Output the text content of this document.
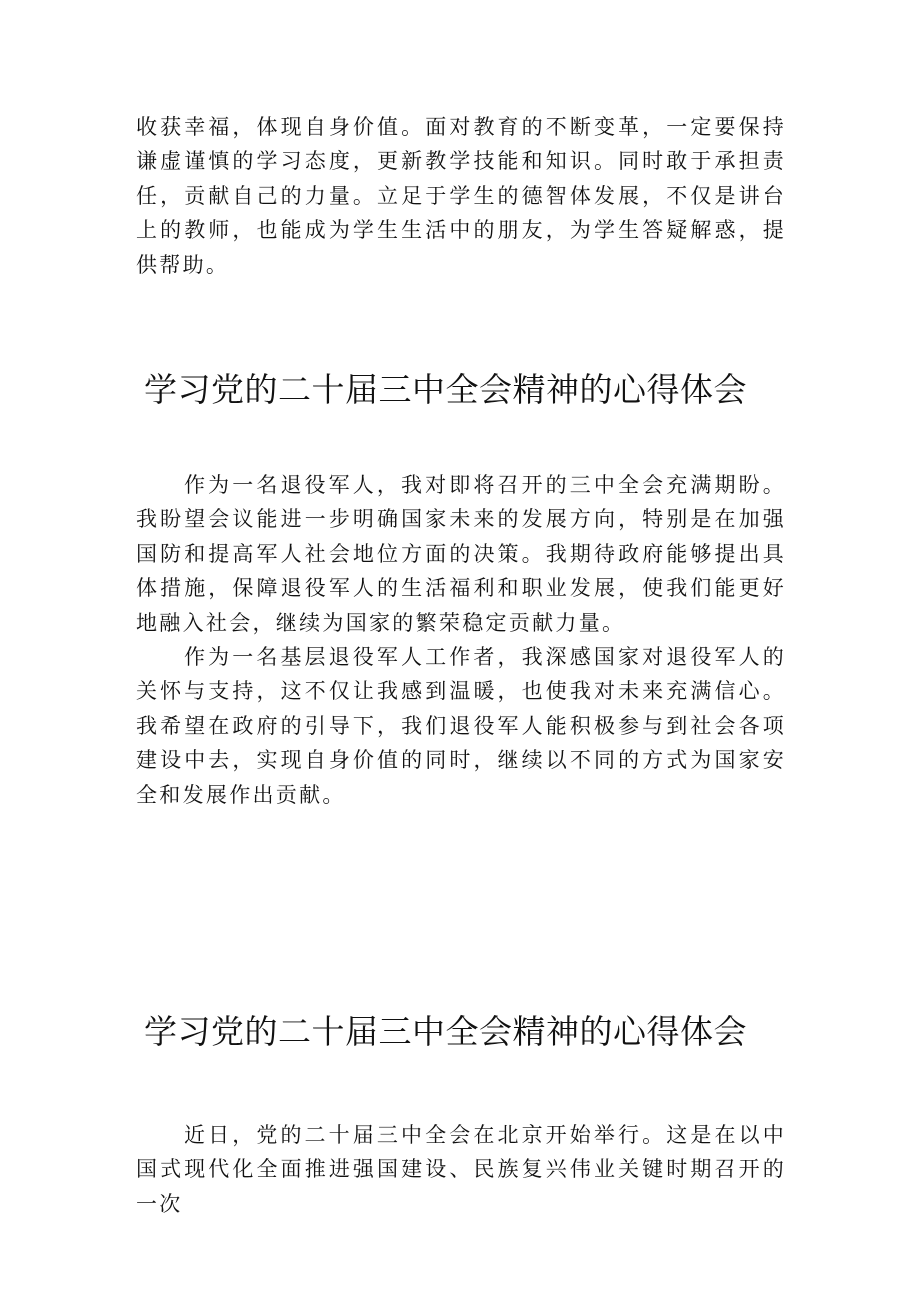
收获幸福，体现自身价值。面对教育的不断变革，一定要保持谦虚谨慎的学习态度，更新教学技能和知识。同时敢于承担责任，贡献自己的力量。立足于学生的德智体发展，不仅是讲台上的教师，也能成为学生生活中的朋友，为学生答疑解惑，提供帮助。

学习党的二十届三中全会精神的心得体会

作为一名退役军人，我对即将召开的三中全会充满期盼。我盼望会议能进一步明确国家未来的发展方向，特别是在加强国防和提高军人社会地位方面的决策。我期待政府能够提出具体措施，保障退役军人的生活福利和职业发展，使我们能更好地融入社会，继续为国家的繁荣稳定贡献力量。

作为一名基层退役军人工作者，我深感国家对退役军人的关怀与支持，这不仅让我感到温暖，也使我对未来充满信心。我希望在政府的引导下，我们退役军人能积极参与到社会各项建设中去，实现自身价值的同时，继续以不同的方式为国家安全和发展作出贡献。

学习党的二十届三中全会精神的心得体会

近日，党的二十届三中全会在北京开始举行。这是在以中国式现代化全面推进强国建设、民族复兴伟业关键时期召开的一次
